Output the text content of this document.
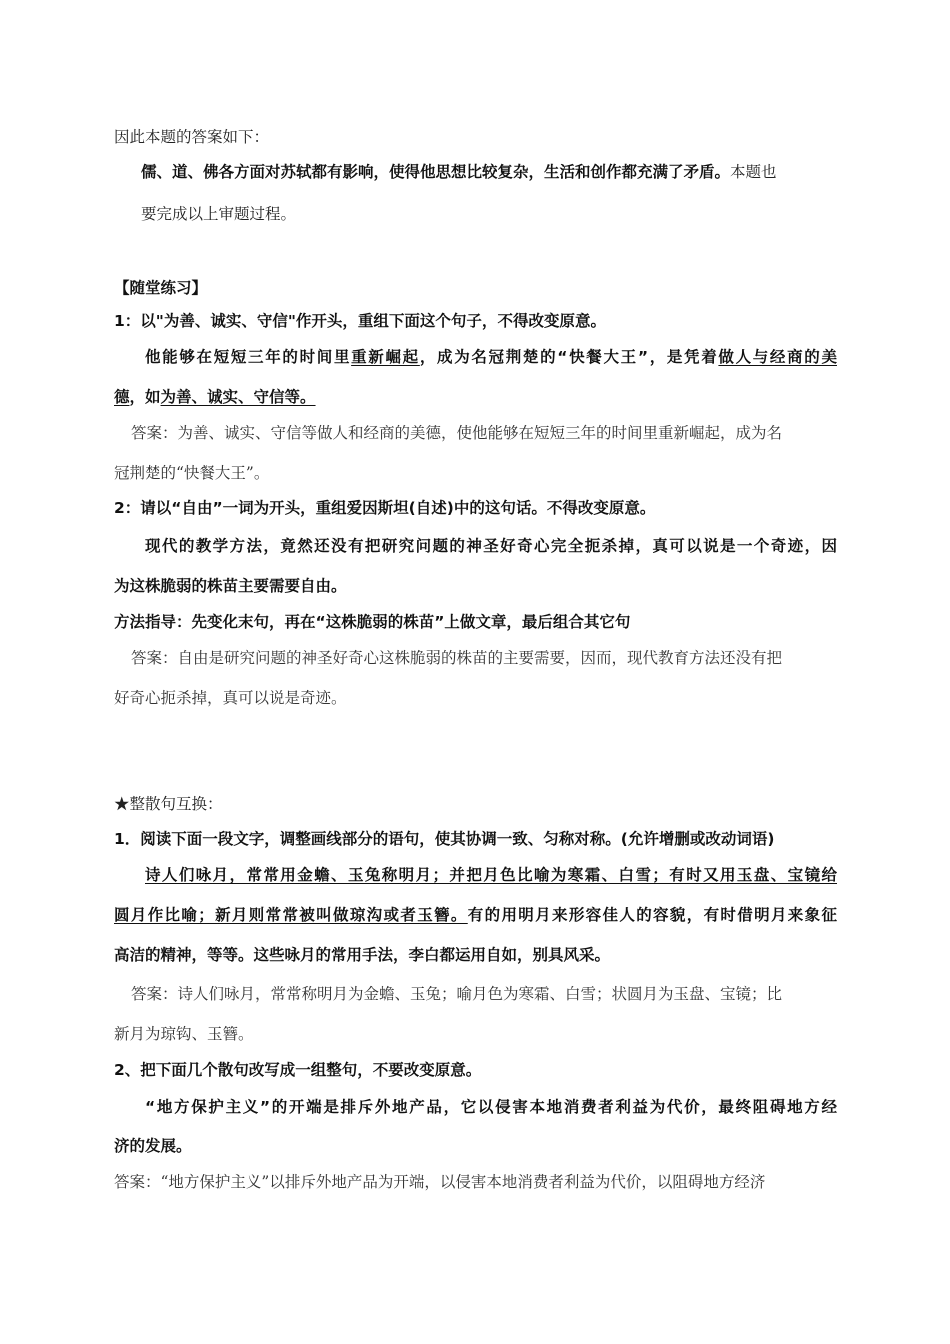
因此本题的答案如下：
儒、道、佛各方面对苏轼都有影响，使得他思想比较复杂，生活和创作都充满了矛盾。本题也
要完成以上审题过程。
【随堂练习】
1：以"为善、诚实、守信"作开头，重组下面这个句子，不得改变原意。
他能够在短短三年的时间里重新崛起，成为名冠荆楚的“快餐大王”，是凭着做人与经商的美
德，如为善、诚实、守信等。
答案：为善、诚实、守信等做人和经商的美德，使他能够在短短三年的时间里重新崛起，成为名
冠荆楚的“快餐大王”。
2：请以“自由”一词为开头，重组爱因斯坦(自述)中的这句话。不得改变原意。
现代的教学方法，竟然还没有把研究问题的神圣好奇心完全扼杀掉，真可以说是一个奇迹，因
为这株脆弱的株苗主要需要自由。
方法指导：先变化末句，再在“这株脆弱的株苗”上做文章，最后组合其它句
答案：自由是研究问题的神圣好奇心这株脆弱的株苗的主要需要，因而，现代教育方法还没有把
好奇心扼杀掉，真可以说是奇迹。
★整散句互换：
1．阅读下面一段文字，调整画线部分的语句，使其协调一致、匀称对称。(允许增删或改动词语)
诗人们咏月，常常用金蟾、玉兔称明月；并把月色比喻为寒霜、白雪；有时又用玉盘、宝镜给
圆月作比喻；新月则常常被叫做琼沟或者玉簪。有的用明月来形容佳人的容貌，有时借明月来象征
高洁的精神，等等。这些咏月的常用手法，李白都运用自如，别具风采。
答案：诗人们咏月，常常称明月为金蟾、玉兔；喻月色为寒霜、白雪；状圆月为玉盘、宝镜；比
新月为琼钩、玉簪。
2、把下面几个散句改写成一组整句，不要改变原意。
“地方保护主义”的开端是排斥外地产品，它以侵害本地消费者利益为代价，最终阻碍地方经
济的发展。
答案：“地方保护主义”以排斥外地产品为开端，以侵害本地消费者利益为代价，以阻碍地方经济
